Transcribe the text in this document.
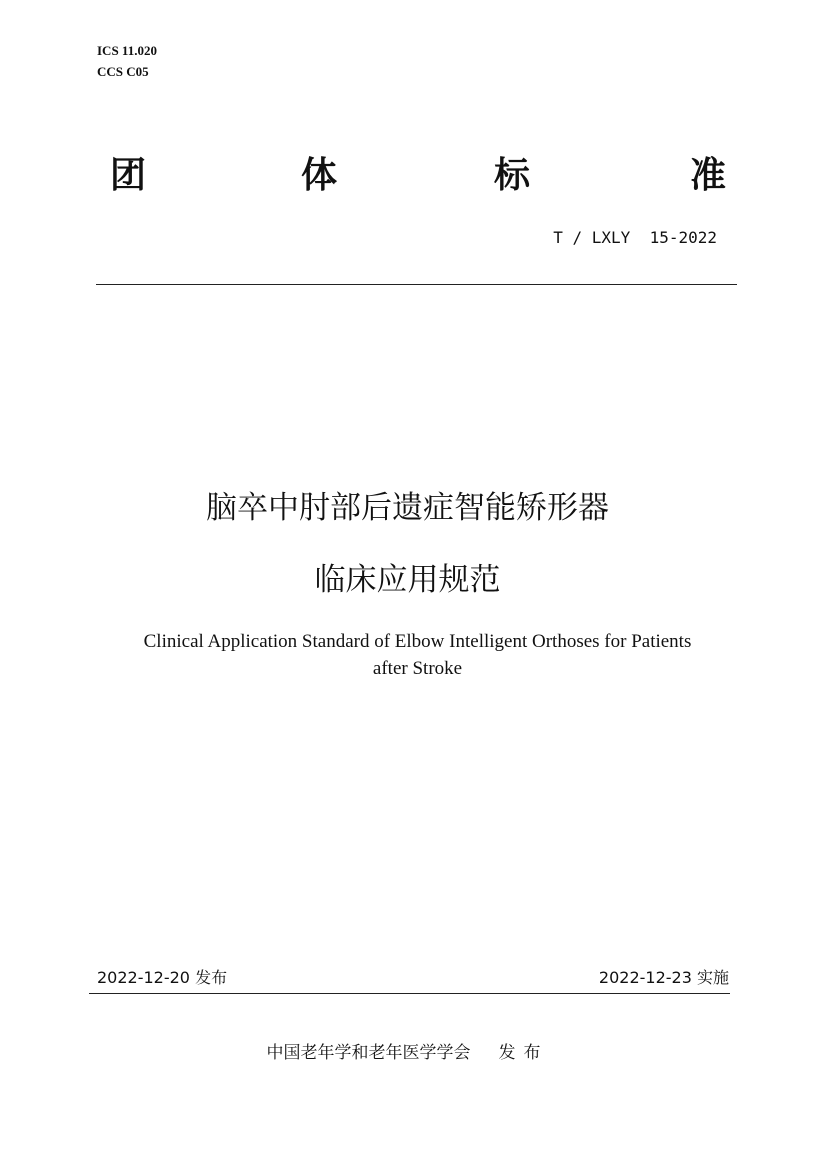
ICS 11.020
CCS C05
团	体	标	准
T / LXLY  15-2022
脑卒中肘部后遗症智能矫形器
临床应用规范
Clinical Application Standard of Elbow Intelligent Orthoses for Patients
after Stroke
2022-12-20 发布	2022-12-23 实施
中国老年学和老年医学学会 发布
